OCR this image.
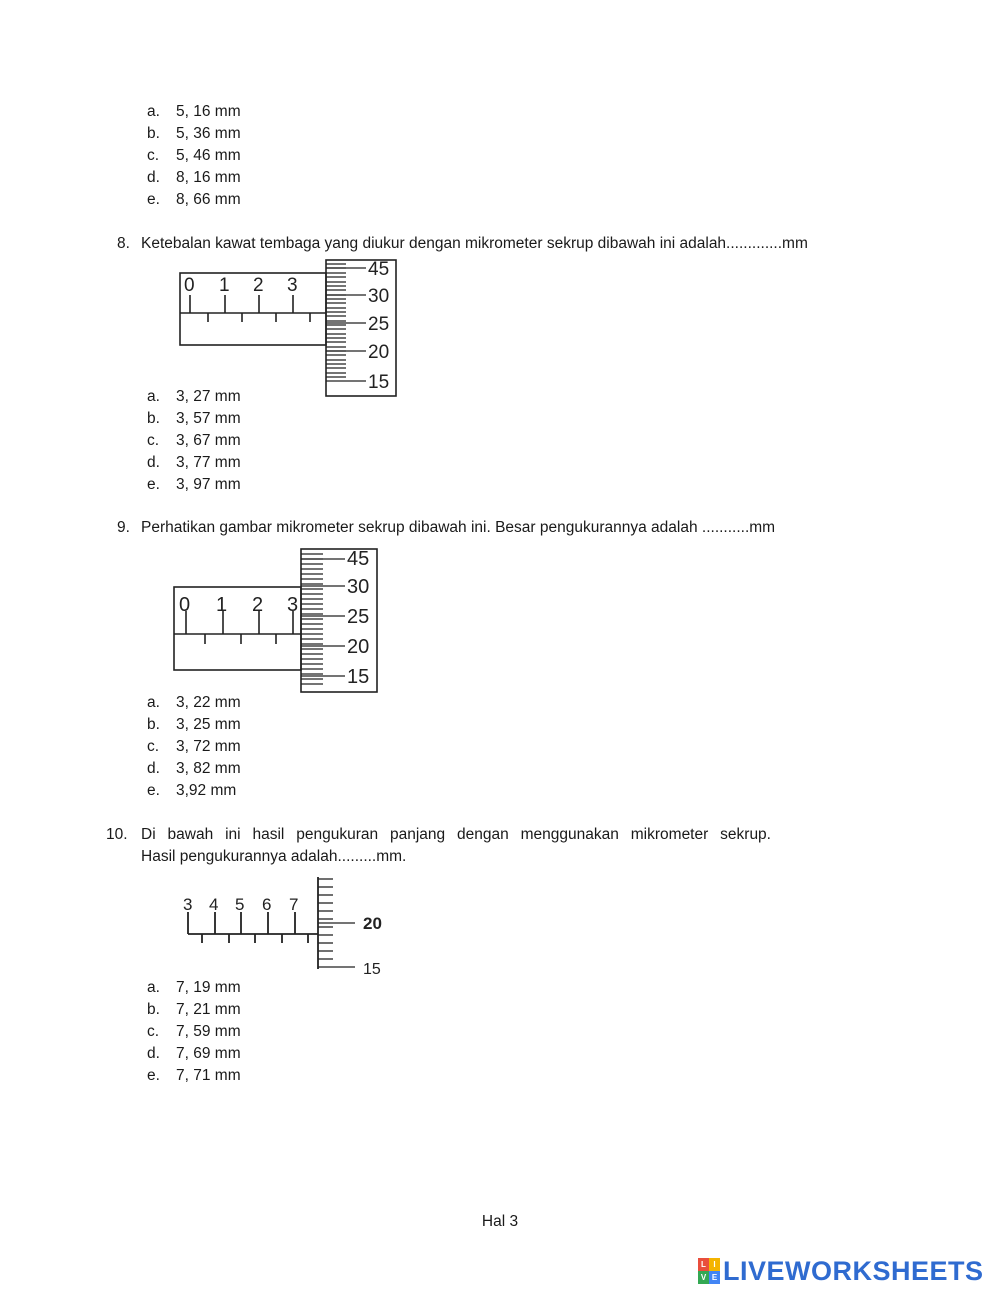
a. 5, 16 mm
b. 5, 36 mm
c. 5, 46 mm
d. 8, 16 mm
e. 8, 66 mm
8. Ketebalan kawat tembaga yang diukur dengan mikrometer sekrup dibawah ini adalah.............mm
0 1 2 3
45
30
25
20
15
a. 3, 27 mm
b. 3, 57 mm
c. 3, 67 mm
d. 3, 77 mm
e. 3, 97 mm
9. Perhatikan gambar mikrometer sekrup dibawah ini. Besar pengukurannya adalah ...........mm
0 1 2 3
45
30
25
20
15
a. 3, 22 mm
b. 3, 25 mm
c. 3, 72 mm
d. 3, 82 mm
e. 3,92 mm
10. Di bawah ini hasil pengukuran panjang dengan menggunakan mikrometer sekrup.
Hasil pengukurannya adalah.........mm.
3 4 5 6 7
20
15
a. 7, 19 mm
b. 7, 21 mm
c. 7, 59 mm
d. 7, 69 mm
e. 7, 71 mm
Hal 3
L I
V E LIVEWORKSHEETS
